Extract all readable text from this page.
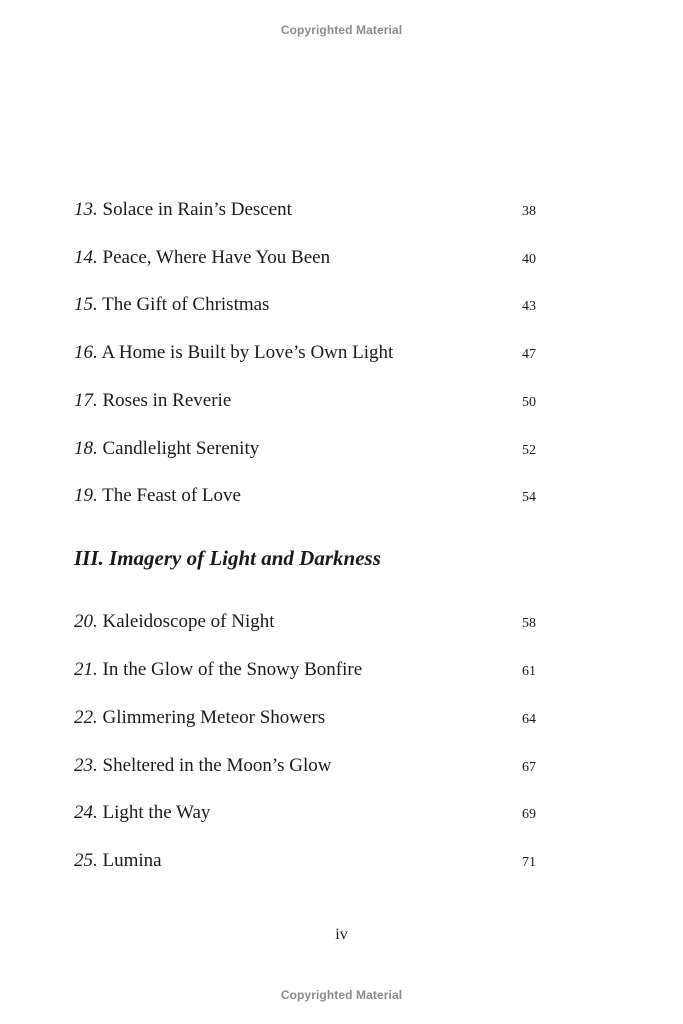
Copyrighted Material
13. Solace in Rain’s Descent	38
14. Peace, Where Have You Been	40
15. The Gift of Christmas	43
16. A Home is Built by Love’s Own Light	47
17. Roses in Reverie	50
18. Candlelight Serenity	52
19. The Feast of Love	54
III. Imagery of Light and Darkness
20. Kaleidoscope of Night	58
21. In the Glow of the Snowy Bonfire	61
22. Glimmering Meteor Showers	64
23. Sheltered in the Moon’s Glow	67
24. Light the Way	69
25. Lumina	71
iv
Copyrighted Material
